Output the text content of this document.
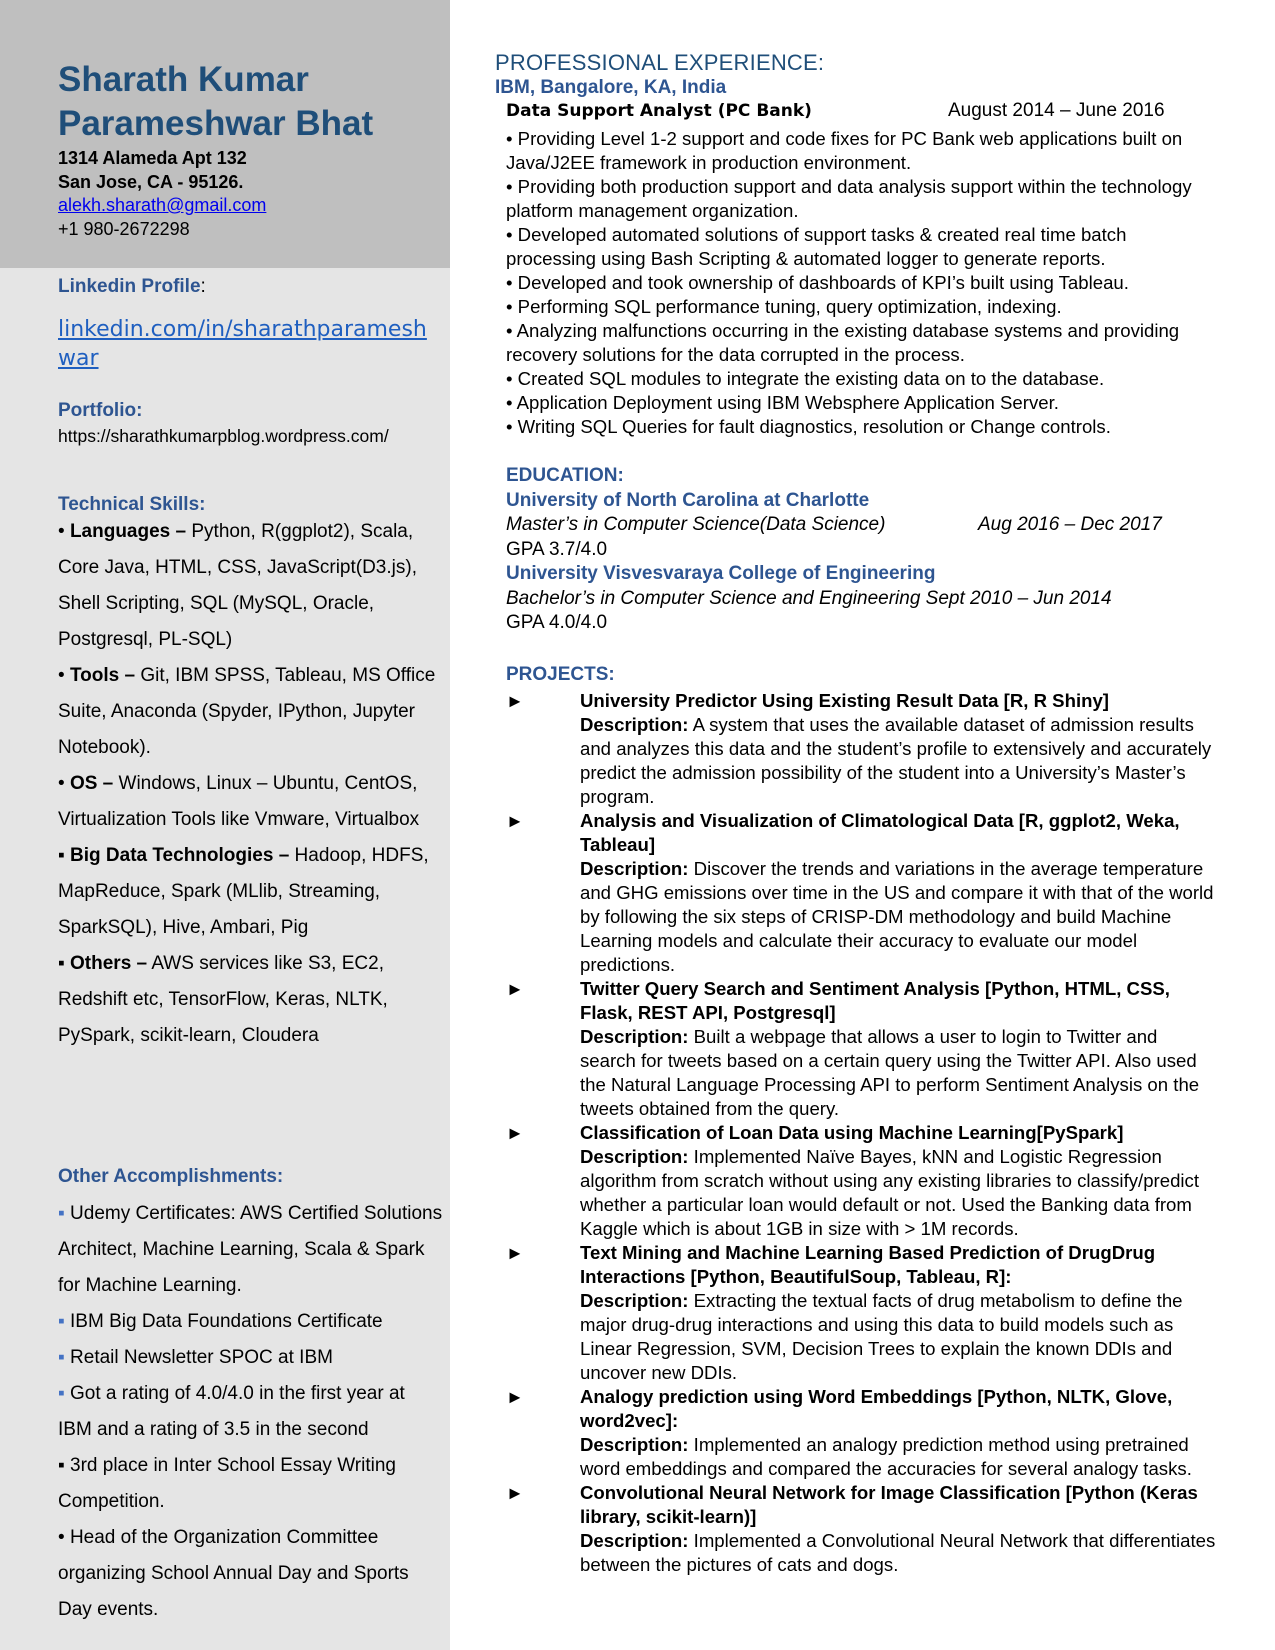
Sharath Kumar Parameshwar Bhat
1314 Alameda Apt 132
San Jose, CA - 95126.
alekh.sharath@gmail.com
+1 980-2672298
Linkedin Profile:
linkedin.com/in/sharathparameshwar
Portfolio:
https://sharathkumarpblog.wordpress.com/
Technical Skills:
• Languages – Python, R(ggplot2), Scala, Core Java, HTML, CSS, JavaScript(D3.js), Shell Scripting, SQL (MySQL, Oracle, Postgresql, PL-SQL)
• Tools – Git, IBM SPSS, Tableau, MS Office Suite, Anaconda (Spyder, IPython, Jupyter Notebook).
• OS – Windows, Linux – Ubuntu, CentOS, Virtualization Tools like Vmware, Virtualbox
▪ Big Data Technologies – Hadoop, HDFS, MapReduce, Spark (MLlib, Streaming, SparkSQL), Hive, Ambari, Pig
▪ Others – AWS services like S3, EC2, Redshift etc, TensorFlow, Keras, NLTK, PySpark, scikit-learn, Cloudera
Other Accomplishments:
▪ Udemy Certificates: AWS Certified Solutions Architect, Machine Learning, Scala & Spark for Machine Learning.
▪ IBM Big Data Foundations Certificate
▪ Retail Newsletter SPOC at IBM
▪ Got a rating of 4.0/4.0 in the first year at IBM and a rating of 3.5 in the second
▪ 3rd place in Inter School Essay Writing Competition.
• Head of the Organization Committee organizing School Annual Day and Sports Day events.
PROFESSIONAL EXPERIENCE:
IBM, Bangalore, KA, India
Data Support Analyst (PC Bank)	August 2014 – June 2016
• Providing Level 1-2 support and code fixes for PC Bank web applications built on Java/J2EE framework in production environment.
• Providing both production support and data analysis support within the technology platform management organization.
• Developed automated solutions of support tasks & created real time batch processing using Bash Scripting & automated logger to generate reports.
• Developed and took ownership of dashboards of KPI’s built using Tableau.
• Performing SQL performance tuning, query optimization, indexing.
• Analyzing malfunctions occurring in the existing database systems and providing recovery solutions for the data corrupted in the process.
• Created SQL modules to integrate the existing data on to the database.
• Application Deployment using IBM Websphere Application Server.
• Writing SQL Queries for fault diagnostics, resolution or Change controls.
EDUCATION:
University of North Carolina at Charlotte
Master’s in Computer Science(Data Science)	Aug 2016 – Dec 2017
GPA 3.7/4.0
University Visvesvaraya College of Engineering
Bachelor’s in Computer Science and Engineering Sept 2010 – Jun 2014
GPA 4.0/4.0
PROJECTS:
►	University Predictor Using Existing Result Data [R, R Shiny]
Description: A system that uses the available dataset of admission results and analyzes this data and the student’s profile to extensively and accurately predict the admission possibility of the student into a University’s Master’s program.
►	Analysis and Visualization of Climatological Data [R, ggplot2, Weka, Tableau]
Description: Discover the trends and variations in the average temperature and GHG emissions over time in the US and compare it with that of the world by following the six steps of CRISP-DM methodology and build Machine Learning models and calculate their accuracy to evaluate our model predictions.
►	Twitter Query Search and Sentiment Analysis [Python, HTML, CSS, Flask, REST API, Postgresql]
Description: Built a webpage that allows a user to login to Twitter and search for tweets based on a certain query using the Twitter API. Also used the Natural Language Processing API to perform Sentiment Analysis on the tweets obtained from the query.
►	Classification of Loan Data using Machine Learning[PySpark]
Description: Implemented Naïve Bayes, kNN and Logistic Regression algorithm from scratch without using any existing libraries to classify/predict whether a particular loan would default or not. Used the Banking data from Kaggle which is about 1GB in size with > 1M records.
►	Text Mining and Machine Learning Based Prediction of DrugDrug Interactions [Python, BeautifulSoup, Tableau, R]:
Description: Extracting the textual facts of drug metabolism to define the major drug-drug interactions and using this data to build models such as Linear Regression, SVM, Decision Trees to explain the known DDIs and uncover new DDIs.
►	Analogy prediction using Word Embeddings [Python, NLTK, Glove, word2vec]:
Description: Implemented an analogy prediction method using pretrained word embeddings and compared the accuracies for several analogy tasks.
►	Convolutional Neural Network for Image Classification [Python (Keras library, scikit-learn)]
Description: Implemented a Convolutional Neural Network that differentiates between the pictures of cats and dogs.
